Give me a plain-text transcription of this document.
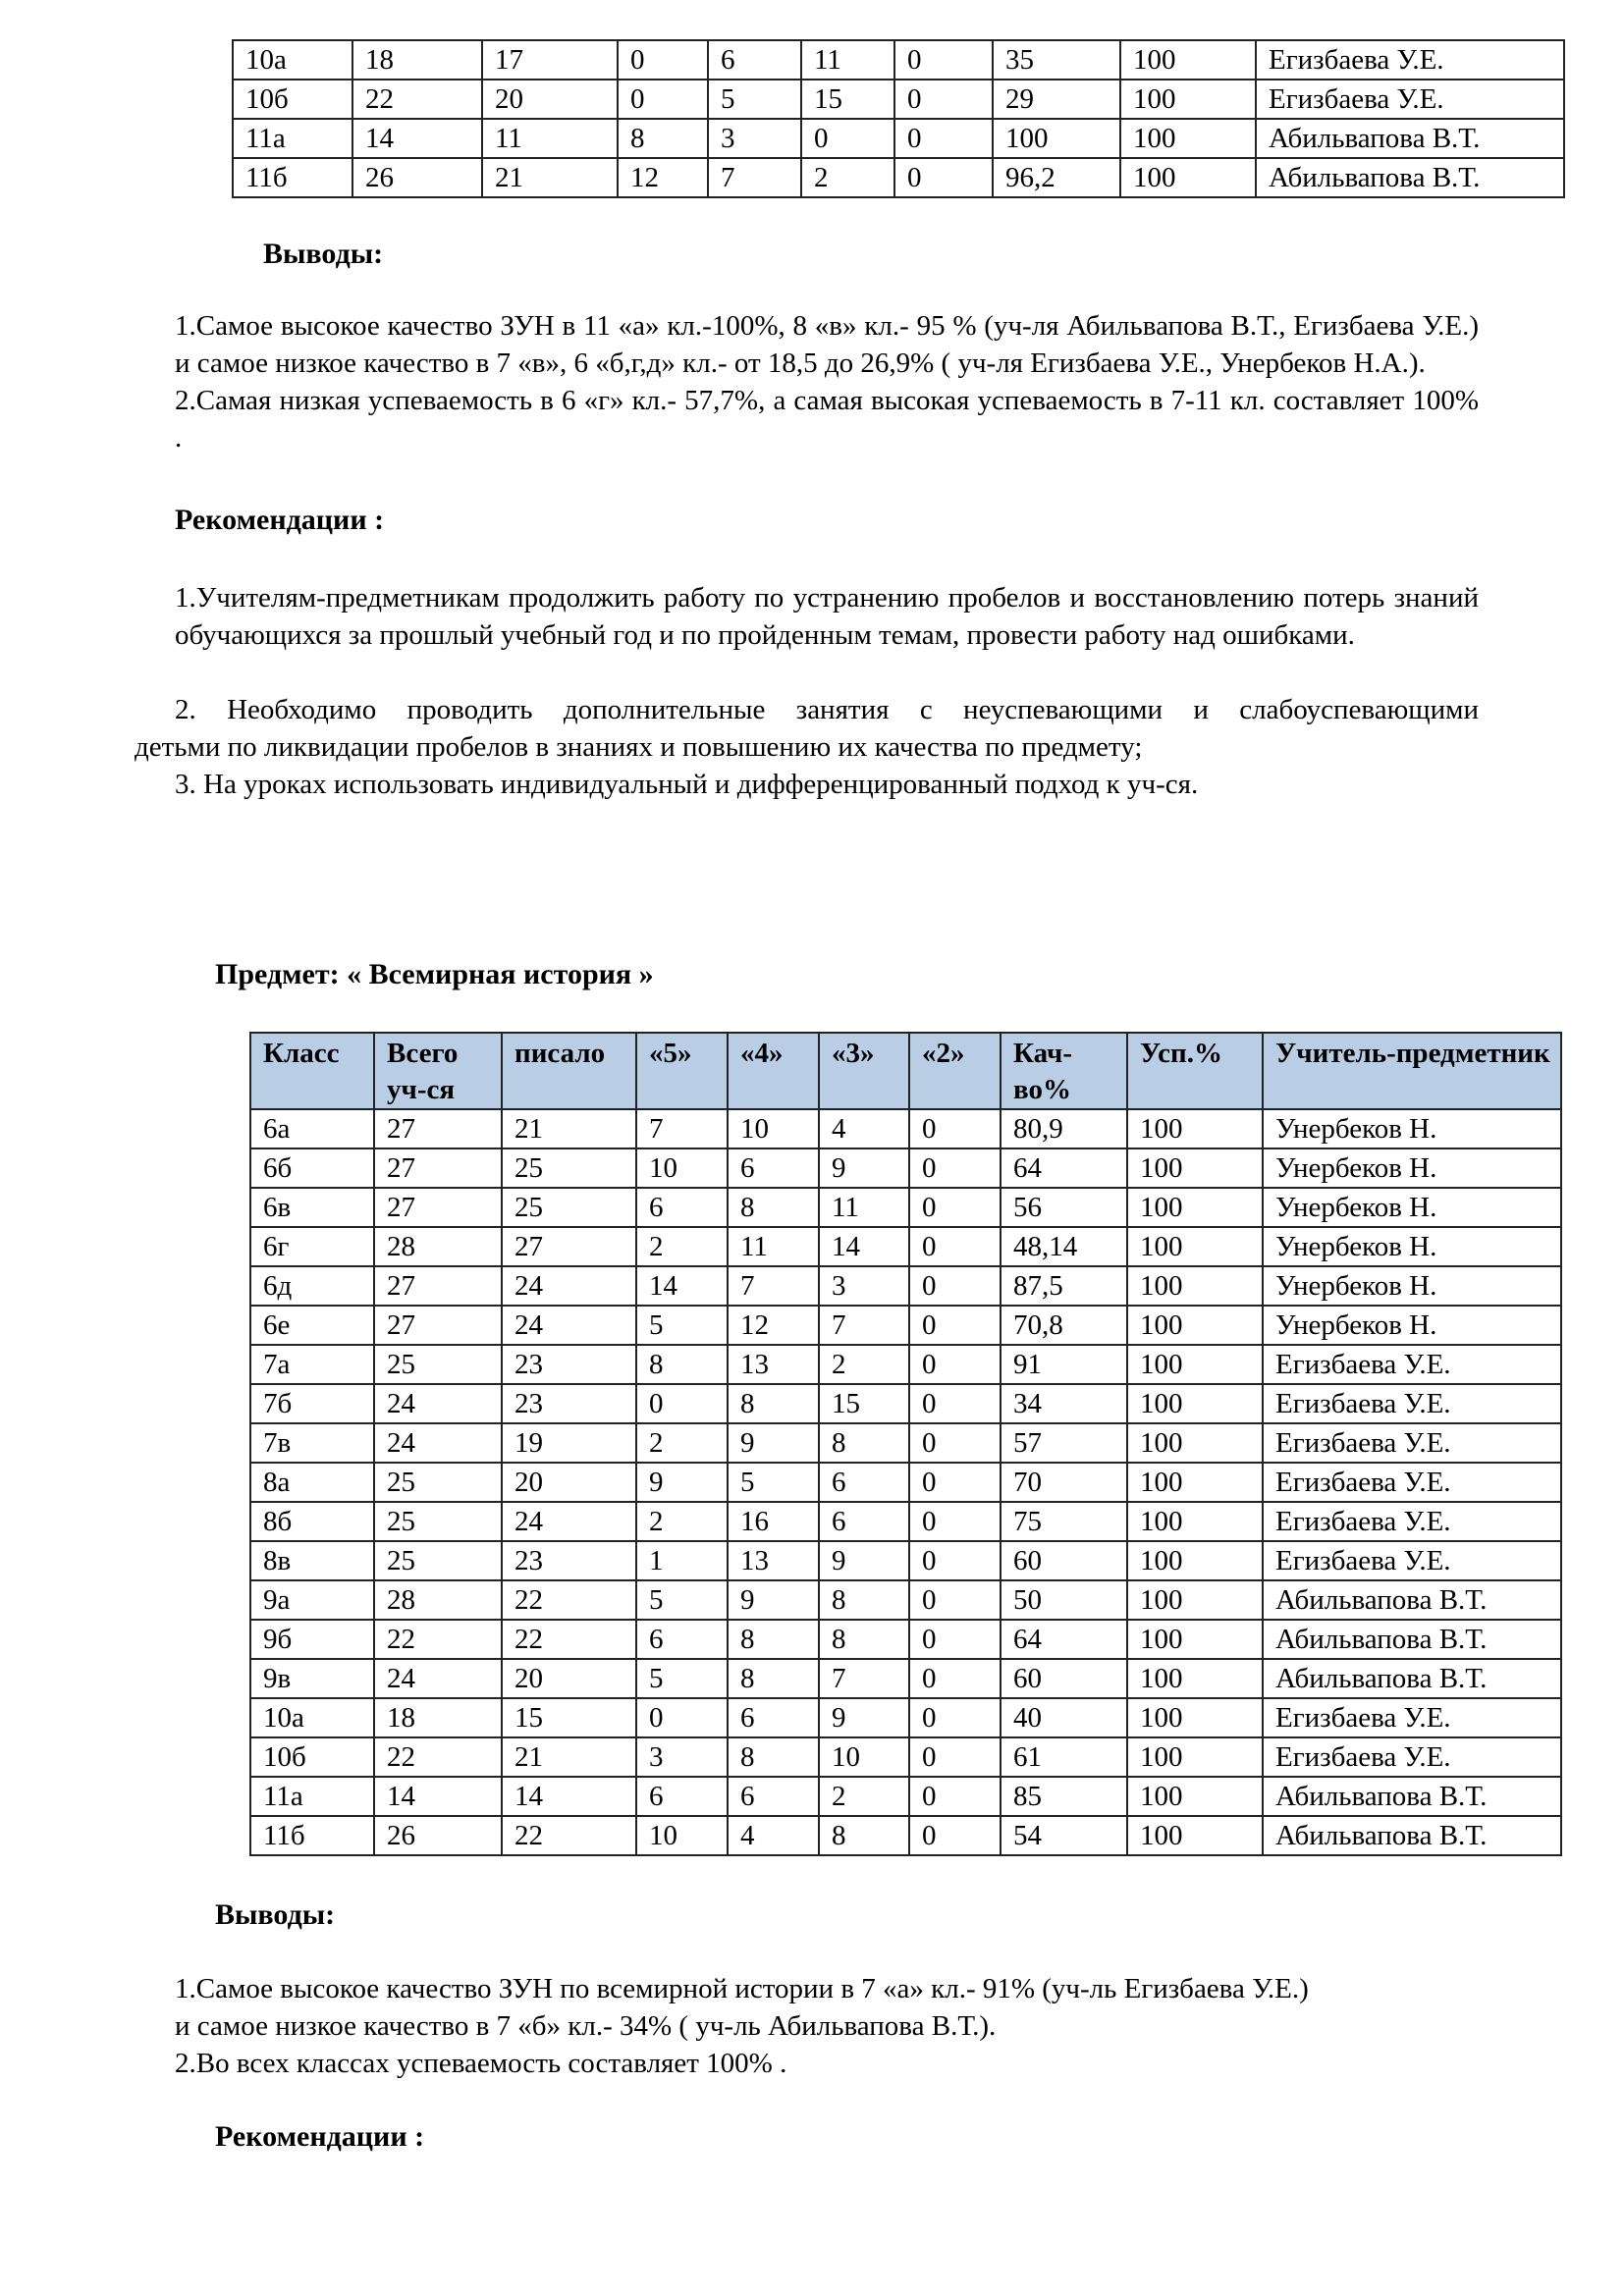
10а	18	17	0	6	11	0	35	100	Егизбаева У.Е.
10б	22	20	0	5	15	0	29	100	Егизбаева У.Е.
11а	14	11	8	3	0	0	100	100	Абильвапова В.Т.
11б	26	21	12	7	2	0	96,2	100	Абильвапова В.Т.
Выводы:

1.Самое высокое качество ЗУН в 11 «а» кл.-100%, 8 «в» кл.- 95 % (уч-ля Абильвапова В.Т., Егизбаева У.Е.) и самое низкое качество в 7 «в», 6 «б,г,д» кл.- от 18,5 до 26,9% ( уч-ля Егизбаева У.Е., Унербеков Н.А.).

2.Самая низкая успеваемость в 6 «г» кл.- 57,7%, а самая высокая успеваемость в 7-11 кл. составляет 100% .

Рекомендации :

1.Учителям-предметникам продолжить работу по устранению пробелов и восстановлению потерь знаний обучающихся за прошлый учебный год и по пройденным темам, провести работу над ошибками.

2. Необходимо проводить дополнительные занятия с неуспевающими и слабоуспевающими
детьми по ликвидации пробелов в знаниях и повышению их качества по предмету;
3. На уроках использовать индивидуальный и дифференцированный подход к уч-ся.
Предмет: « Всемирная история »
Класс	Всего уч-ся	писало	«5»	«4»	«3»	«2»	Кач-во%	Усп.%	Учитель-предметник
6а	27	21	7	10	4	0	80,9	100	Унербеков Н.
6б	27	25	10	6	9	0	64	100	Унербеков Н.
6в	27	25	6	8	11	0	56	100	Унербеков Н.
6г	28	27	2	11	14	0	48,14	100	Унербеков Н.
6д	27	24	14	7	3	0	87,5	100	Унербеков Н.
6е	27	24	5	12	7	0	70,8	100	Унербеков Н.
7а	25	23	8	13	2	0	91	100	Егизбаева У.Е.
7б	24	23	0	8	15	0	34	100	Егизбаева У.Е.
7в	24	19	2	9	8	0	57	100	Егизбаева У.Е.
8а	25	20	9	5	6	0	70	100	Егизбаева У.Е.
8б	25	24	2	16	6	0	75	100	Егизбаева У.Е.
8в	25	23	1	13	9	0	60	100	Егизбаева У.Е.
9а	28	22	5	9	8	0	50	100	Абильвапова В.Т.
9б	22	22	6	8	8	0	64	100	Абильвапова В.Т.
9в	24	20	5	8	7	0	60	100	Абильвапова В.Т.
10а	18	15	0	6	9	0	40	100	Егизбаева У.Е.
10б	22	21	3	8	10	0	61	100	Егизбаева У.Е.
11а	14	14	6	6	2	0	85	100	Абильвапова В.Т.
11б	26	22	10	4	8	0	54	100	Абильвапова В.Т.
Выводы:

1.Самое высокое качество ЗУН по всемирной истории в 7 «а» кл.- 91% (уч-ль Егизбаева У.Е.)

и самое низкое качество в 7 «б» кл.- 34% ( уч-ль Абильвапова В.Т.).

2.Во всех классах успеваемость составляет 100% .

Рекомендации :
